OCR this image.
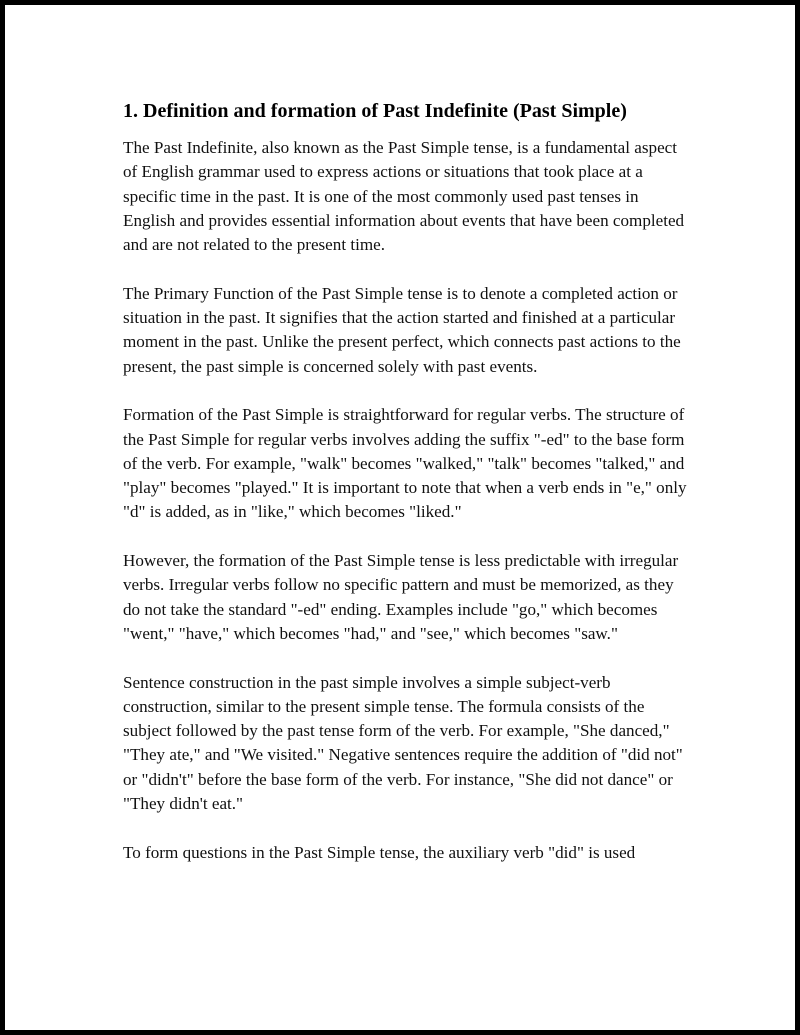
1. Definition and formation of Past Indefinite (Past Simple)

The Past Indefinite, also known as the Past Simple tense, is a fundamental aspect of English grammar used to express actions or situations that took place at a specific time in the past. It is one of the most commonly used past tenses in English and provides essential information about events that have been completed and are not related to the present time.

The Primary Function of the Past Simple tense is to denote a completed action or situation in the past. It signifies that the action started and finished at a particular moment in the past. Unlike the present perfect, which connects past actions to the present, the past simple is concerned solely with past events.

Formation of the Past Simple is straightforward for regular verbs. The structure of the Past Simple for regular verbs involves adding the suffix "-ed" to the base form of the verb. For example, "walk" becomes "walked," "talk" becomes "talked," and "play" becomes "played." It is important to note that when a verb ends in "e," only "d" is added, as in "like," which becomes "liked."

However, the formation of the Past Simple tense is less predictable with irregular verbs. Irregular verbs follow no specific pattern and must be memorized, as they do not take the standard "-ed" ending. Examples include "go," which becomes "went," "have," which becomes "had," and "see," which becomes "saw."

Sentence construction in the past simple involves a simple subject-verb construction, similar to the present simple tense. The formula consists of the subject followed by the past tense form of the verb. For example, "She danced," "They ate," and "We visited." Negative sentences require the addition of "did not" or "didn't" before the base form of the verb. For instance, "She did not dance" or "They didn't eat."

To form questions in the Past Simple tense, the auxiliary verb "did" is used
